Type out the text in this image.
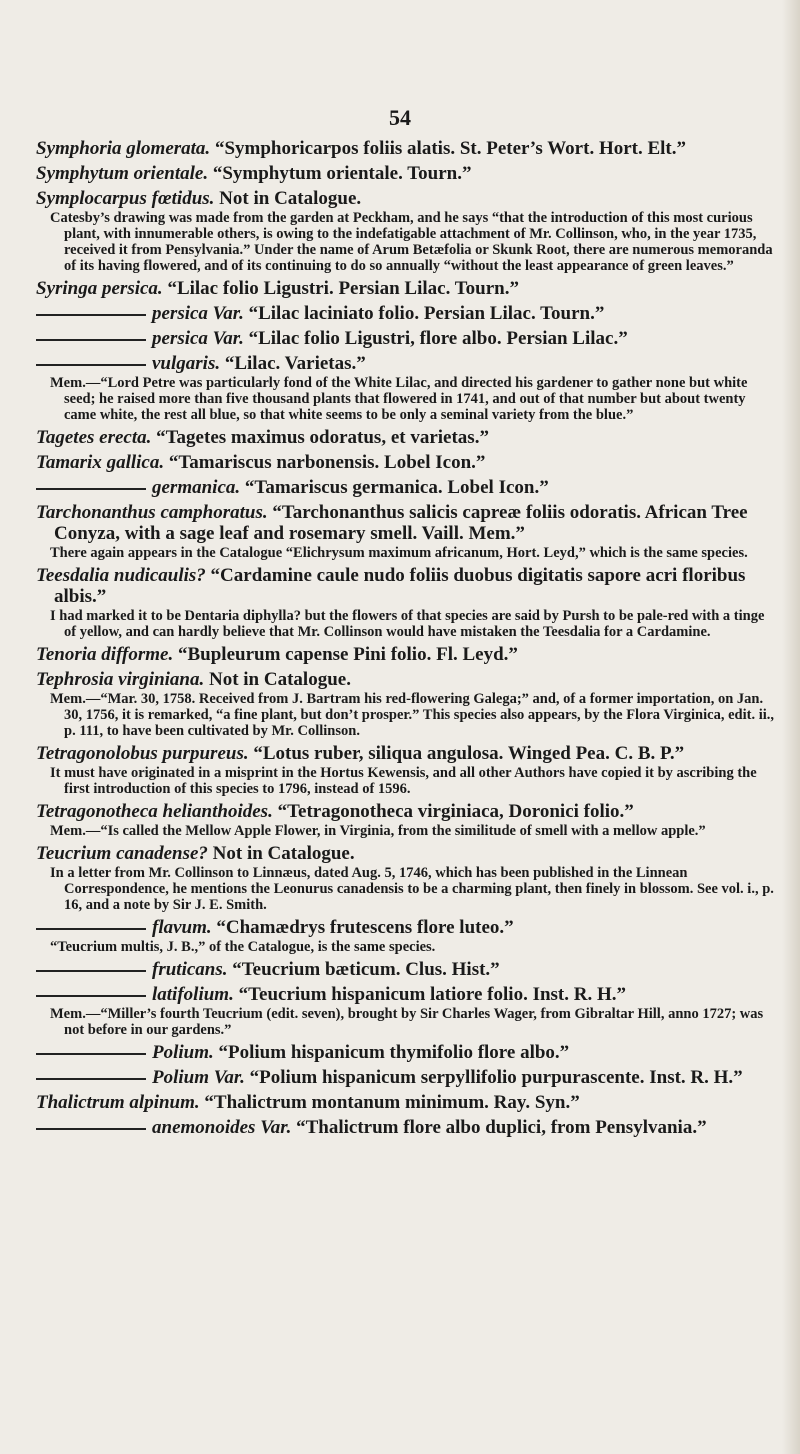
54
Symphoria glomerata. “Symphoricarpos foliis alatis. St. Peter’s Wort. Hort. Elt.”
Symphytum orientale. “Symphytum orientale. Tourn.”
Symplocarpus fœtidus. Not in Catalogue.
Catesby’s drawing was made from the garden at Peckham, and he says “that the introduction of this most curious plant, with innumerable others, is owing to the indefatigable attachment of Mr. Collinson, who, in the year 1735, received it from Pensylvania.” Under the name of Arum Betæfolia or Skunk Root, there are numerous memoranda of its having flowered, and of its continuing to do so annually “without the least appearance of green leaves.”
Syringa persica. “Lilac folio Ligustri. Persian Lilac. Tourn.”
persica Var. “Lilac laciniato folio. Persian Lilac. Tourn.”
persica Var. “Lilac folio Ligustri, flore albo. Persian Lilac.”
vulgaris. “Lilac. Varietas.”
Mem.—“Lord Petre was particularly fond of the White Lilac, and directed his gardener to gather none but white seed; he raised more than five thousand plants that flowered in 1741, and out of that number but about twenty came white, the rest all blue, so that white seems to be only a seminal variety from the blue.”
Tagetes erecta. “Tagetes maximus odoratus, et varietas.”
Tamarix gallica. “Tamariscus narbonensis. Lobel Icon.”
germanica. “Tamariscus germanica. Lobel Icon.”
Tarchonanthus camphoratus. “Tarchonanthus salicis capreæ foliis odoratis. African Tree Conyza, with a sage leaf and rosemary smell. Vaill. Mem.”
There again appears in the Catalogue “Elichrysum maximum africanum, Hort. Leyd,” which is the same species.
Teesdalia nudicaulis? “Cardamine caule nudo foliis duobus digitatis sapore acri floribus albis.”
I had marked it to be Dentaria diphylla? but the flowers of that species are said by Pursh to be pale-red with a tinge of yellow, and can hardly believe that Mr. Collinson would have mistaken the Teesdalia for a Cardamine.
Tenoria difforme. “Bupleurum capense Pini folio. Fl. Leyd.”
Tephrosia virginiana. Not in Catalogue.
Mem.—“Mar. 30, 1758. Received from J. Bartram his red-flowering Galega;” and, of a former importation, on Jan. 30, 1756, it is remarked, “a fine plant, but don’t prosper.” This species also appears, by the Flora Virginica, edit. ii., p. 111, to have been cultivated by Mr. Collinson.
Tetragonolobus purpureus. “Lotus ruber, siliqua angulosa. Winged Pea. C. B. P.”
It must have originated in a misprint in the Hortus Kewensis, and all other Authors have copied it by ascribing the first introduction of this species to 1796, instead of 1596.
Tetragonotheca helianthoides. “Tetragonotheca virginiaca, Doronici folio.”
Mem.—“Is called the Mellow Apple Flower, in Virginia, from the similitude of smell with a mellow apple.”
Teucrium canadense? Not in Catalogue.
In a letter from Mr. Collinson to Linnæus, dated Aug. 5, 1746, which has been published in the Linnean Correspondence, he mentions the Leonurus canadensis to be a charming plant, then finely in blossom. See vol. i., p. 16, and a note by Sir J. E. Smith.
flavum. “Chamædrys frutescens flore luteo.”
“Teucrium multis, J. B.,” of the Catalogue, is the same species.
fruticans. “Teucrium bæticum. Clus. Hist.”
latifolium. “Teucrium hispanicum latiore folio. Inst. R. H.”
Mem.—“Miller’s fourth Teucrium (edit. seven), brought by Sir Charles Wager, from Gibraltar Hill, anno 1727; was not before in our gardens.”
Polium. “Polium hispanicum thymifolio flore albo.”
Polium Var. “Polium hispanicum serpyllifolio purpurascente. Inst. R. H.”
Thalictrum alpinum. “Thalictrum montanum minimum. Ray. Syn.”
anemonoides Var. “Thalictrum flore albo duplici, from Pensylvania.”
